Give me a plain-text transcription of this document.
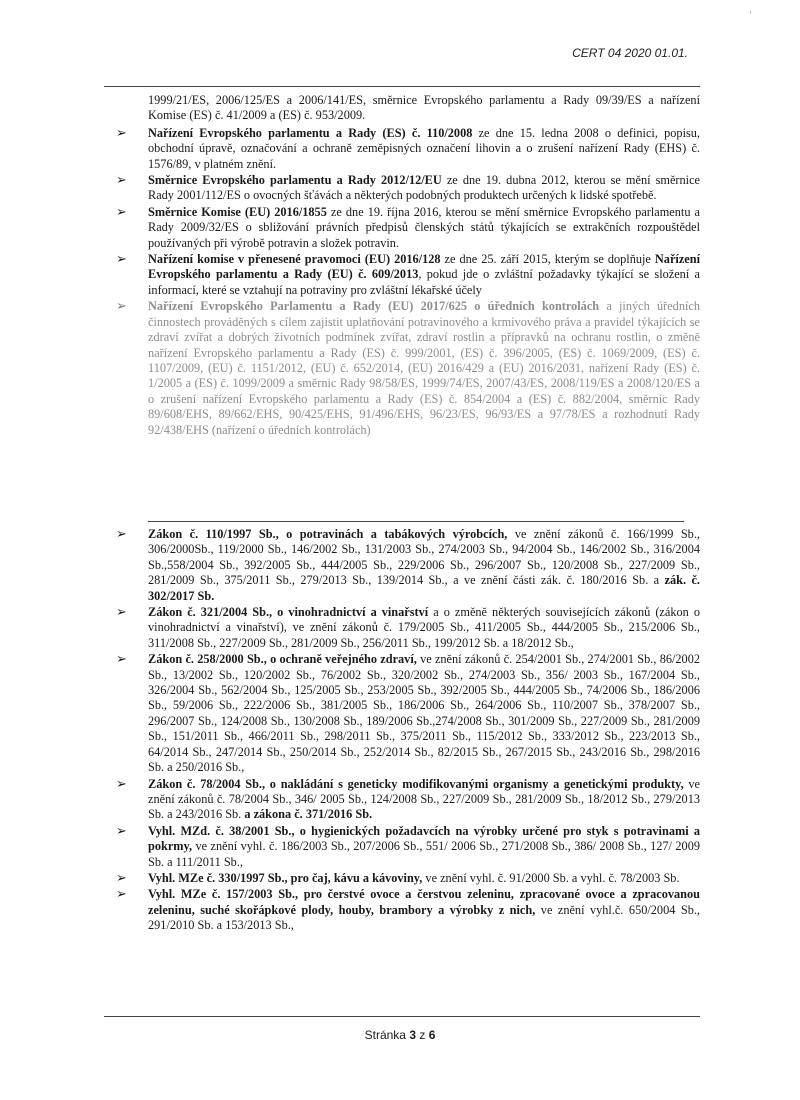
'
CERT 04 2020 01.01.
1999/21/ES, 2006/125/ES a 2006/141/ES, směrnice Evropského parlamentu a Rady 09/39/ES a nařízení Komise (ES) č. 41/2009 a (ES) č. 953/2009.
➢ Nařízení Evropského parlamentu a Rady (ES) č. 110/2008 ze dne 15. ledna 2008 o definici, popisu, obchodní úpravě, označování a ochraně zeměpisných označení lihovin a o zrušení nařízení Rady (EHS) č. 1576/89, v platném znění.
➢ Směrnice Evropského parlamentu a Rady 2012/12/EU ze dne 19. dubna 2012, kterou se mění směrnice Rady 2001/112/ES o ovocných šťávách a některých podobných produktech určených k lidské spotřebě.
➢ Směrnice Komise (EU) 2016/1855 ze dne 19. října 2016, kterou se mění směrnice Evropského parlamentu a Rady 2009/32/ES o sbližování právních předpisů členských států týkajících se extrakčních rozpouštědel používaných při výrobě potravin a složek potravin.
➢ Nařízení komise v přenesené pravomoci (EU) 2016/128 ze dne 25. září 2015, kterým se doplňuje Nařízení Evropského parlamentu a Rady (EU) č. 609/2013, pokud jde o zvláštní požadavky týkající se složení a informací, které se vztahují na potraviny pro zvláštní lékařské účely
➢ Nařízení Evropského Parlamentu a Rady (EU) 2017/625 o úředních kontrolách a jiných úředních činnostech prováděných s cílem zajistit uplatňování potravinového a krmivového práva a pravidel týkajících se zdraví zvířat a dobrých životních podmínek zvířat, zdraví rostlin a přípravků na ochranu rostlin, o změně nařízení Evropského parlamentu a Rady (ES) č. 999/2001, (ES) č. 396/2005, (ES) č. 1069/2009, (ES) č. 1107/2009, (EU) č. 1151/2012, (EU) č. 652/2014, (EU) 2016/429 a (EU) 2016/2031, nařízení Rady (ES) č. 1/2005 a (ES) č. 1099/2009 a směrnic Rady 98/58/ES, 1999/74/ES, 2007/43/ES, 2008/119/ES a 2008/120/ES a o zrušení nařízení Evropského parlamentu a Rady (ES) č. 854/2004 a (ES) č. 882/2004, směrnic Rady 89/608/EHS, 89/662/EHS, 90/425/EHS, 91/496/EHS, 96/23/ES, 96/93/ES a 97/78/ES a rozhodnutí Rady 92/438/EHS (nařízení o úředních kontrolách)
➢ Zákon č. 110/1997 Sb., o potravinách a tabákových výrobcích, ve znění zákonů č. 166/1999 Sb., 306/2000Sb., 119/2000 Sb., 146/2002 Sb., 131/2003 Sb., 274/2003 Sb., 94/2004 Sb., 146/2002 Sb., 316/2004 Sb.,558/2004 Sb., 392/2005 Sb., 444/2005 Sb., 229/2006 Sb., 296/2007 Sb., 120/2008 Sb., 227/2009 Sb., 281/2009 Sb., 375/2011 Sb., 279/2013 Sb., 139/2014 Sb., a ve znění části zák. č. 180/2016 Sb. a zák. č. 302/2017 Sb.
➢ Zákon č. 321/2004 Sb., o vinohradnictví a vinařství a o změně některých souvisejících zákonů (zákon o vinohradnictví a vinařství), ve znění zákonů č. 179/2005 Sb., 411/2005 Sb., 444/2005 Sb., 215/2006 Sb., 311/2008 Sb., 227/2009 Sb., 281/2009 Sb., 256/2011 Sb., 199/2012 Sb. a 18/2012 Sb.,
➢ Zákon č. 258/2000 Sb., o ochraně veřejného zdraví, ve znění zákonů č. 254/2001 Sb., 274/2001 Sb., 86/2002 Sb., 13/2002 Sb., 120/2002 Sb., 76/2002 Sb., 320/2002 Sb., 274/2003 Sb., 356/ 2003 Sb., 167/2004 Sb., 326/2004 Sb., 562/2004 Sb., 125/2005 Sb., 253/2005 Sb., 392/2005 Sb., 444/2005 Sb., 74/2006 Sb., 186/2006 Sb., 59/2006 Sb., 222/2006 Sb., 381/2005 Sb., 186/2006 Sb., 264/2006 Sb., 110/2007 Sb., 378/2007 Sb., 296/2007 Sb., 124/2008 Sb., 130/2008 Sb., 189/2006 Sb.,274/2008 Sb., 301/2009 Sb., 227/2009 Sb., 281/2009 Sb., 151/2011 Sb., 466/2011 Sb., 298/2011 Sb., 375/2011 Sb., 115/2012 Sb., 333/2012 Sb., 223/2013 Sb., 64/2014 Sb., 247/2014 Sb., 250/2014 Sb., 252/2014 Sb., 82/2015 Sb., 267/2015 Sb., 243/2016 Sb., 298/2016 Sb. a 250/2016 Sb.,
➢ Zákon č. 78/2004 Sb., o nakládání s geneticky modifikovanými organismy a genetickými produkty, ve znění zákonů č. 78/2004 Sb., 346/ 2005 Sb., 124/2008 Sb., 227/2009 Sb., 281/2009 Sb., 18/2012 Sb., 279/2013 Sb. a 243/2016 Sb. a zákona č. 371/2016 Sb.
➢ Vyhl. MZd. č. 38/2001 Sb., o hygienických požadavcích na výrobky určené pro styk s potravinami a pokrmy, ve znění vyhl. č. 186/2003 Sb., 207/2006 Sb., 551/ 2006 Sb., 271/2008 Sb., 386/ 2008 Sb., 127/ 2009 Sb. a 111/2011 Sb.,
➢ Vyhl. MZe č. 330/1997 Sb., pro čaj, kávu a kávoviny, ve znění vyhl. č. 91/2000 Sb. a vyhl. č. 78/2003 Sb.
➢ Vyhl. MZe č. 157/2003 Sb., pro čerstvé ovoce a čerstvou zeleninu, zpracované ovoce a zpracovanou zeleninu, suché skořápkové plody, houby, brambory a výrobky z nich, ve znění vyhl.č. 650/2004 Sb., 291/2010 Sb. a 153/2013 Sb.,
Stránka 3 z 6
